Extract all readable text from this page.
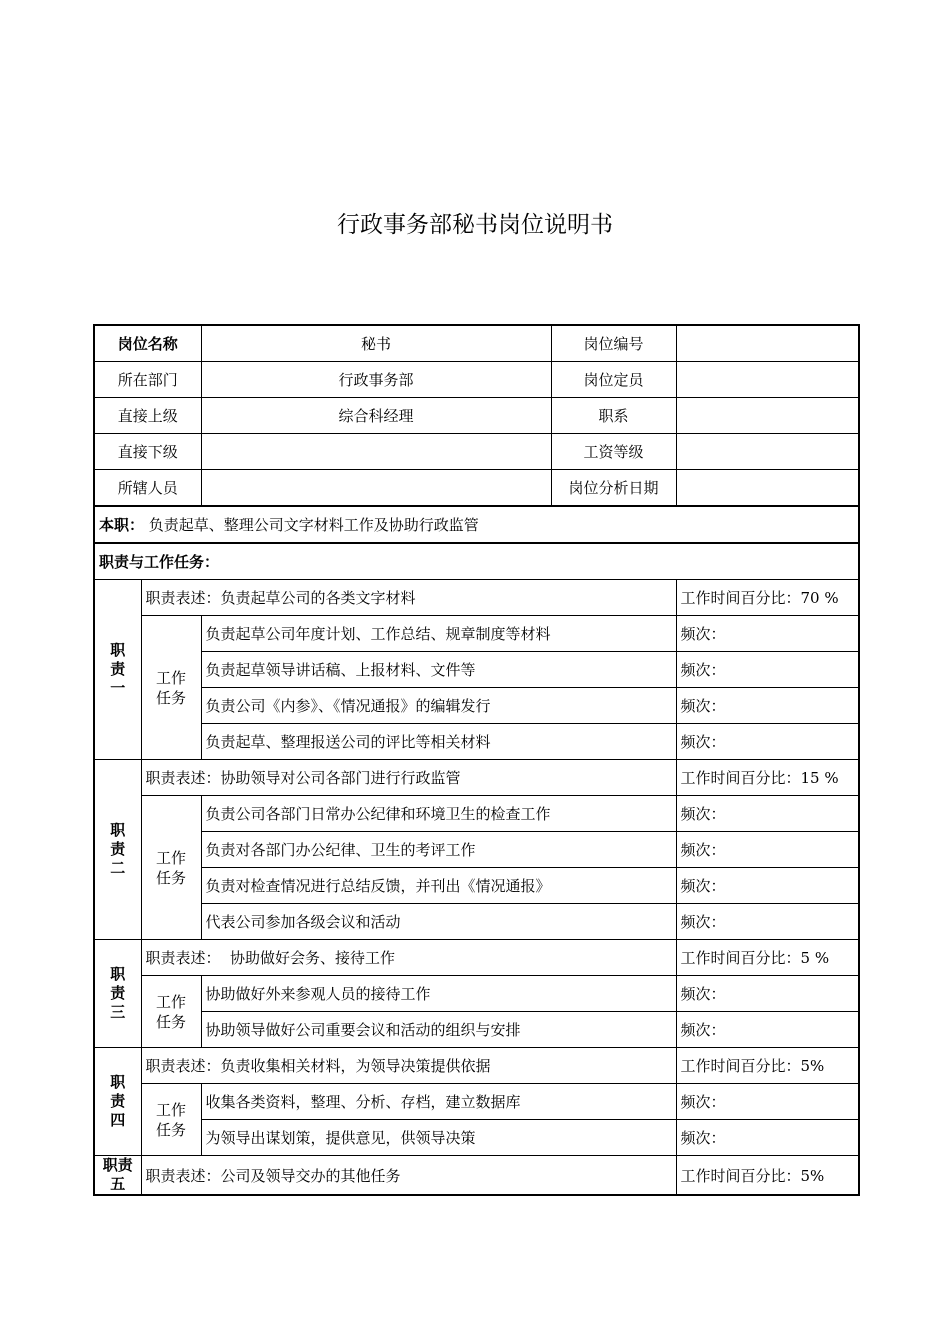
行政事务部秘书岗位说明书
岗位名称		秘书	岗位编号	
所在部门		行政事务部	岗位定员	
直接上级		综合科经理	职系	
直接下级			工资等级	
所辖人员			岗位分析日期	
本职： 负责起草、整理公司文字材料工作及协助行政监管				
职责与工作任务：				
职
责
一	职责表述：负责起草公司的各类文字材料			工作时间百分比：70 %
	工作
任务	负责起草公司年度计划、工作总结、规章制度等材料		频次：
		负责起草领导讲话稿、上报材料、文件等		频次：
		负责公司《内参》、《情况通报》的编辑发行		频次：
		负责起草、整理报送公司的评比等相关材料		频次：
职
责
二	职责表述：协助领导对公司各部门进行行政监管			工作时间百分比：15 %
	工作
任务	负责公司各部门日常办公纪律和环境卫生的检查工作		频次：
		负责对各部门办公纪律、卫生的考评工作		频次：
		负责对检查情况进行总结反馈，并刊出《情况通报》		频次：
		代表公司参加各级会议和活动		频次：
职
责
三	职责表述：  协助做好会务、接待工作			工作时间百分比：5 %
	工作
任务	协助做好外来参观人员的接待工作		频次：
		协助领导做好公司重要会议和活动的组织与安排		频次：
职
责
四	职责表述：负责收集相关材料，为领导决策提供依据			工作时间百分比：5%
	工作
任务	收集各类资料，整理、分析、存档，建立数据库		频次：
		为领导出谋划策，提供意见，供领导决策		频次：
职责
五	职责表述：公司及领导交办的其他任务			工作时间百分比：5%
